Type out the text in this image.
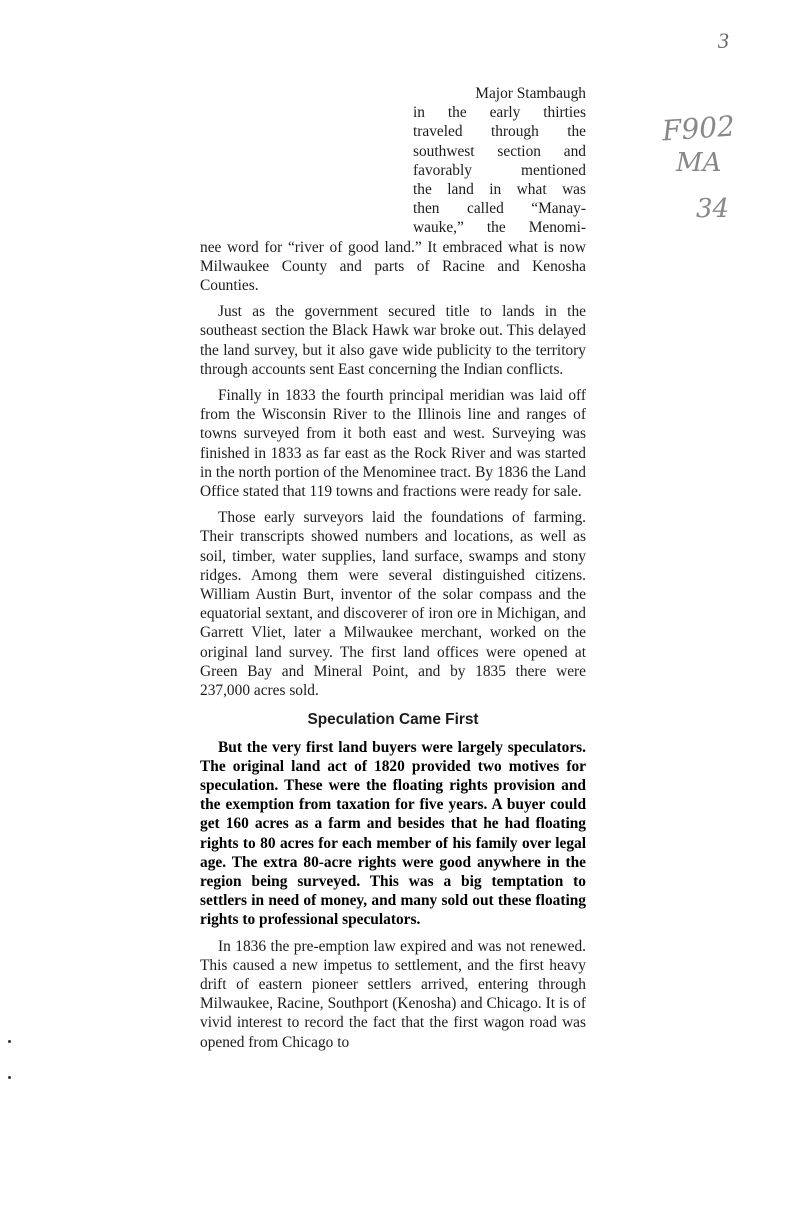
3
F902
MA
34
Major Stambaugh
in the early thirties
traveled through the
southwest section and
favorably mentioned
the land in what was
then called “Manay-
wauke,” the Menomi-

nee word for “river of good land.” It embraced what is now Milwaukee County and parts of Racine and Kenosha Counties.

Just as the government secured title to lands in the southeast section the Black Hawk war broke out. This delayed the land survey, but it also gave wide publicity to the territory through accounts sent East concerning the Indian conflicts.

Finally in 1833 the fourth principal meridian was laid off from the Wisconsin River to the Illinois line and ranges of towns surveyed from it both east and west. Surveying was finished in 1833 as far east as the Rock River and was started in the north portion of the Menominee tract. By 1836 the Land Office stated that 119 towns and fractions were ready for sale.

Those early surveyors laid the foundations of farming. Their transcripts showed numbers and locations, as well as soil, timber, water supplies, land surface, swamps and stony ridges. Among them were several distinguished citizens. William Austin Burt, inventor of the solar compass and the equatorial sextant, and discoverer of iron ore in Michigan, and Garrett Vliet, later a Milwaukee merchant, worked on the original land survey. The first land offices were opened at Green Bay and Mineral Point, and by 1835 there were 237,000 acres sold.

Speculation Came First

But the very first land buyers were largely speculators. The original land act of 1820 provided two motives for speculation. These were the floating rights provision and the exemption from taxation for five years. A buyer could get 160 acres as a farm and besides that he had floating rights to 80 acres for each member of his family over legal age. The extra 80-acre rights were good anywhere in the region being surveyed. This was a big temptation to settlers in need of money, and many sold out these floating rights to professional speculators.

In 1836 the pre-emption law expired and was not renewed. This caused a new impetus to settlement, and the first heavy drift of eastern pioneer settlers arrived, entering through Milwaukee, Racine, Southport (Kenosha) and Chicago. It is of vivid interest to record the fact that the first wagon road was opened from Chicago to
